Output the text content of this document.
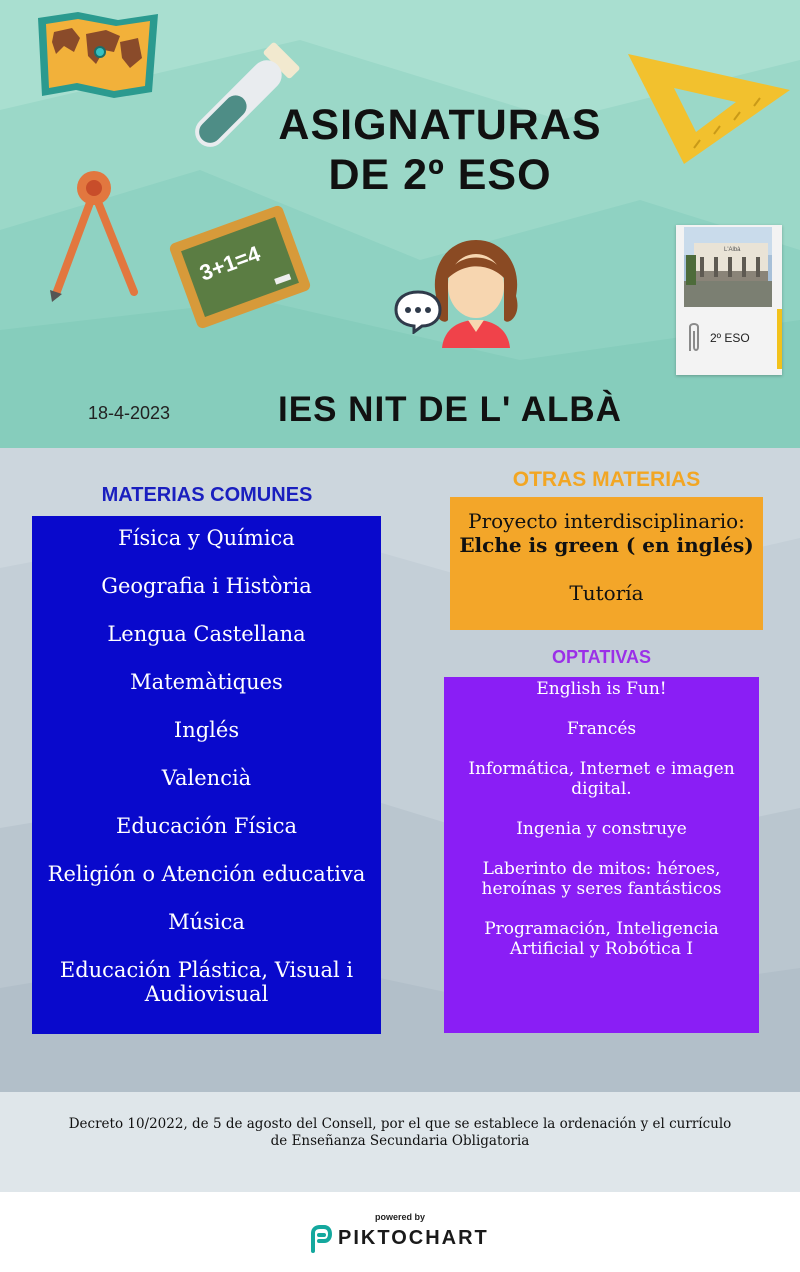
3+1=4
ASIGNATURAS
DE 2º ESO
L'Albà
2º ESO
18-4-2023	IES NIT DE L' ALBÀ
MATERIAS COMUNES
Física y Química
Geografia i Història
Lengua Castellana
Matemàtiques
Inglés
Valencià
Educación Física
Religión o Atención educativa
Música
Educación Plástica, Visual i Audiovisual
OTRAS MATERIAS
Proyecto interdisciplinario:
Elche is green ( en inglés)
Tutoría
OPTATIVAS
English is Fun!
Francés
Informática, Internet e imagen digital.
Ingenia y construye
Laberinto de mitos: héroes, heroínas y seres fantásticos
Programación, Inteligencia Artificial y Robótica I
Decreto 10/2022, de 5 de agosto del Consell, por el que se establece la ordenación y el currículo de Enseñanza Secundaria Obligatoria
powered by
PIKTOCHART
